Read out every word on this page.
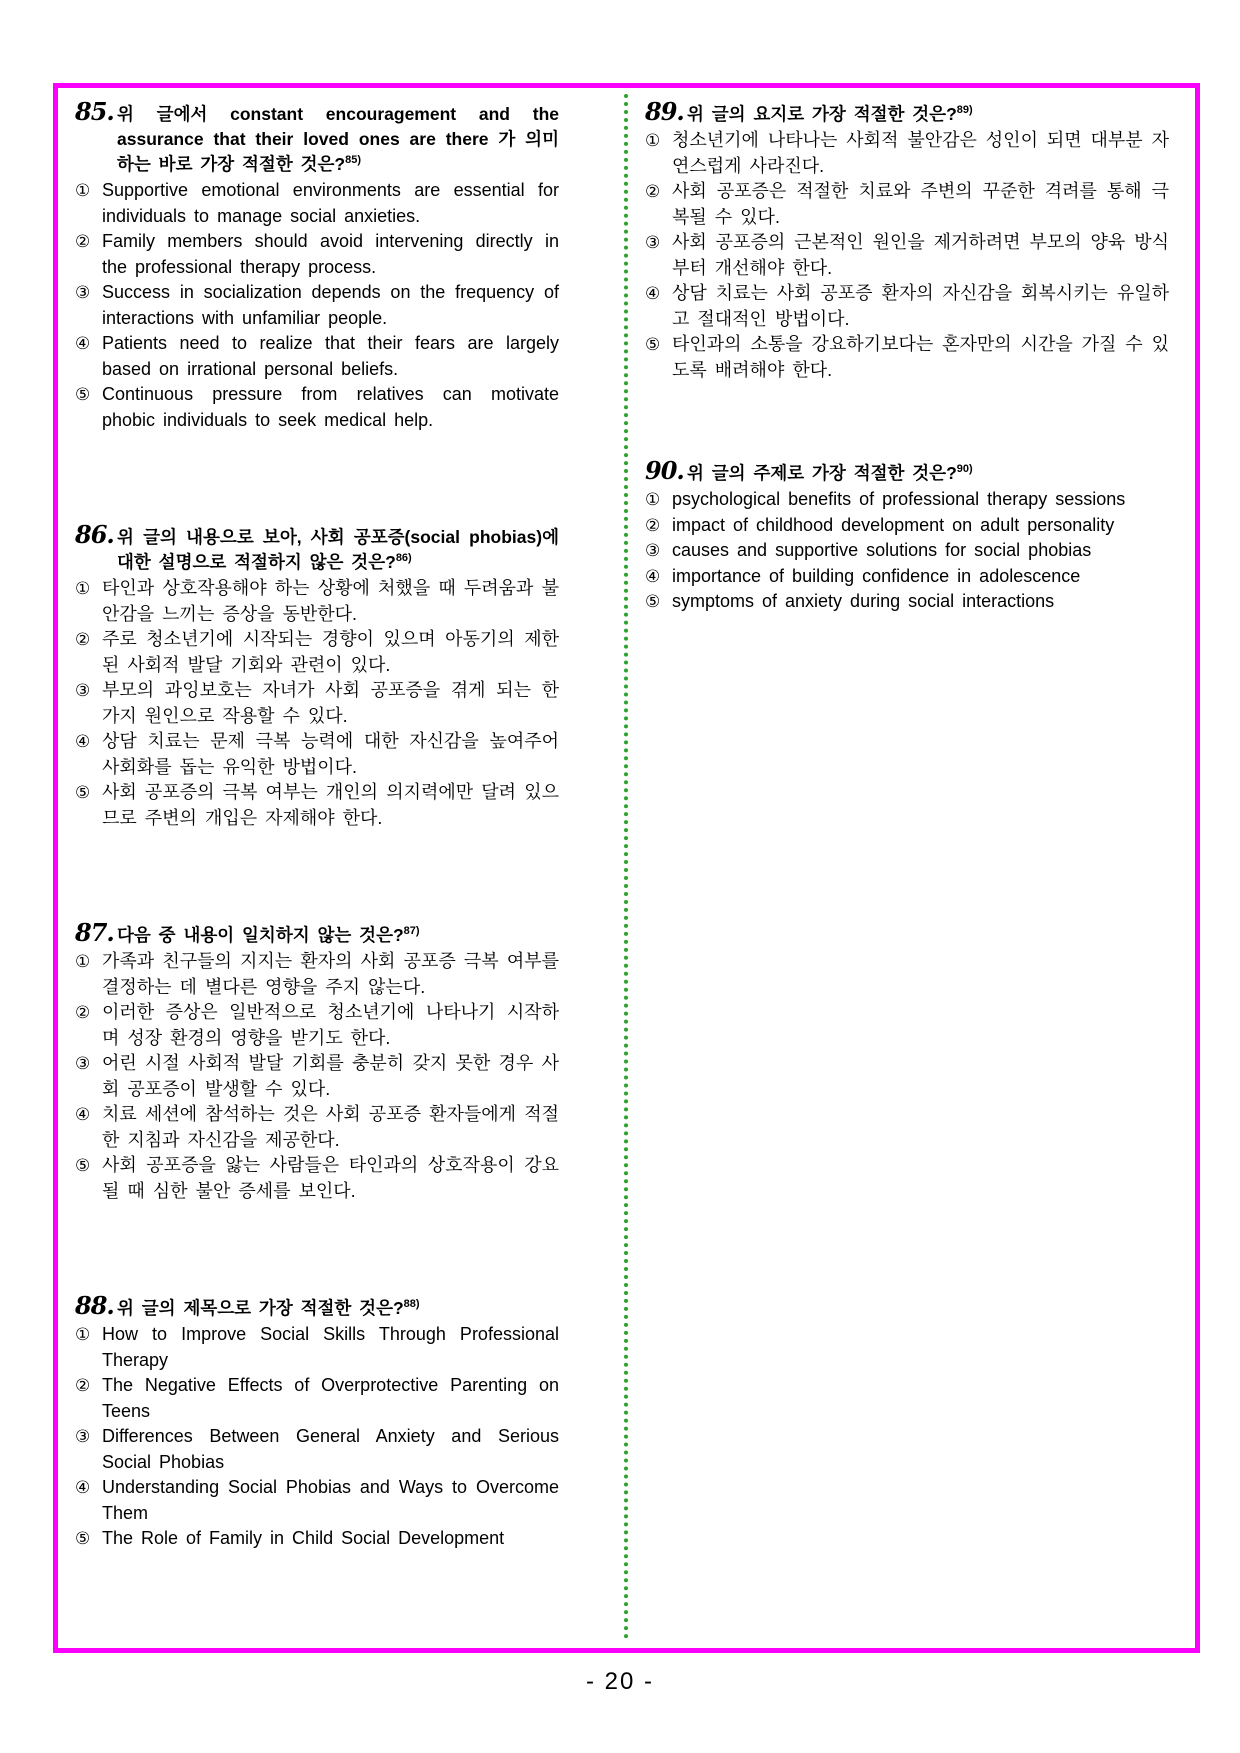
85. 위 글에서 constant encouragement and the assurance that their loved ones are there 가 의미하는 바로 가장 적절한 것은?$^{85)}$
① Supportive emotional environments are essential for individuals to manage social anxieties.
② Family members should avoid intervening directly in the professional therapy process.
③ Success in socialization depends on the frequency of interactions with unfamiliar people.
④ Patients need to realize that their fears are largely based on irrational personal beliefs.
⑤ Continuous pressure from relatives can motivate phobic individuals to seek medical help.
86. 위 글의 내용으로 보아, 사회 공포증(social phobias)에 대한 설명으로 적절하지 않은 것은?$^{86)}$
① 타인과 상호작용해야 하는 상황에 처했을 때 두려움과 불안감을 느끼는 증상을 동반한다.
② 주로 청소년기에 시작되는 경향이 있으며 아동기의 제한된 사회적 발달 기회와 관련이 있다.
③ 부모의 과잉보호는 자녀가 사회 공포증을 겪게 되는 한 가지 원인으로 작용할 수 있다.
④ 상담 치료는 문제 극복 능력에 대한 자신감을 높여주어 사회화를 돕는 유익한 방법이다.
⑤ 사회 공포증의 극복 여부는 개인의 의지력에만 달려 있으므로 주변의 개입은 자제해야 한다.
87. 다음 중 내용이 일치하지 않는 것은?$^{87)}$
① 가족과 친구들의 지지는 환자의 사회 공포증 극복 여부를 결정하는 데 별다른 영향을 주지 않는다.
② 이러한 증상은 일반적으로 청소년기에 나타나기 시작하며 성장 환경의 영향을 받기도 한다.
③ 어린 시절 사회적 발달 기회를 충분히 갖지 못한 경우 사회 공포증이 발생할 수 있다.
④ 치료 세션에 참석하는 것은 사회 공포증 환자들에게 적절한 지침과 자신감을 제공한다.
⑤ 사회 공포증을 앓는 사람들은 타인과의 상호작용이 강요될 때 심한 불안 증세를 보인다.
88. 위 글의 제목으로 가장 적절한 것은?$^{88)}$
① How to Improve Social Skills Through Professional Therapy
② The Negative Effects of Overprotective Parenting on Teens
③ Differences Between General Anxiety and Serious Social Phobias
④ Understanding Social Phobias and Ways to Overcome Them
⑤ The Role of Family in Child Social Development
89. 위 글의 요지로 가장 적절한 것은?$^{89)}$
① 청소년기에 나타나는 사회적 불안감은 성인이 되면 대부분 자연스럽게 사라진다.
② 사회 공포증은 적절한 치료와 주변의 꾸준한 격려를 통해 극복될 수 있다.
③ 사회 공포증의 근본적인 원인을 제거하려면 부모의 양육 방식부터 개선해야 한다.
④ 상담 치료는 사회 공포증 환자의 자신감을 회복시키는 유일하고 절대적인 방법이다.
⑤ 타인과의 소통을 강요하기보다는 혼자만의 시간을 가질 수 있도록 배려해야 한다.
90. 위 글의 주제로 가장 적절한 것은?$^{90)}$
① psychological benefits of professional therapy sessions
② impact of childhood development on adult personality
③ causes and supportive solutions for social phobias
④ importance of building confidence in adolescence
⑤ symptoms of anxiety during social interactions
- 20 -
